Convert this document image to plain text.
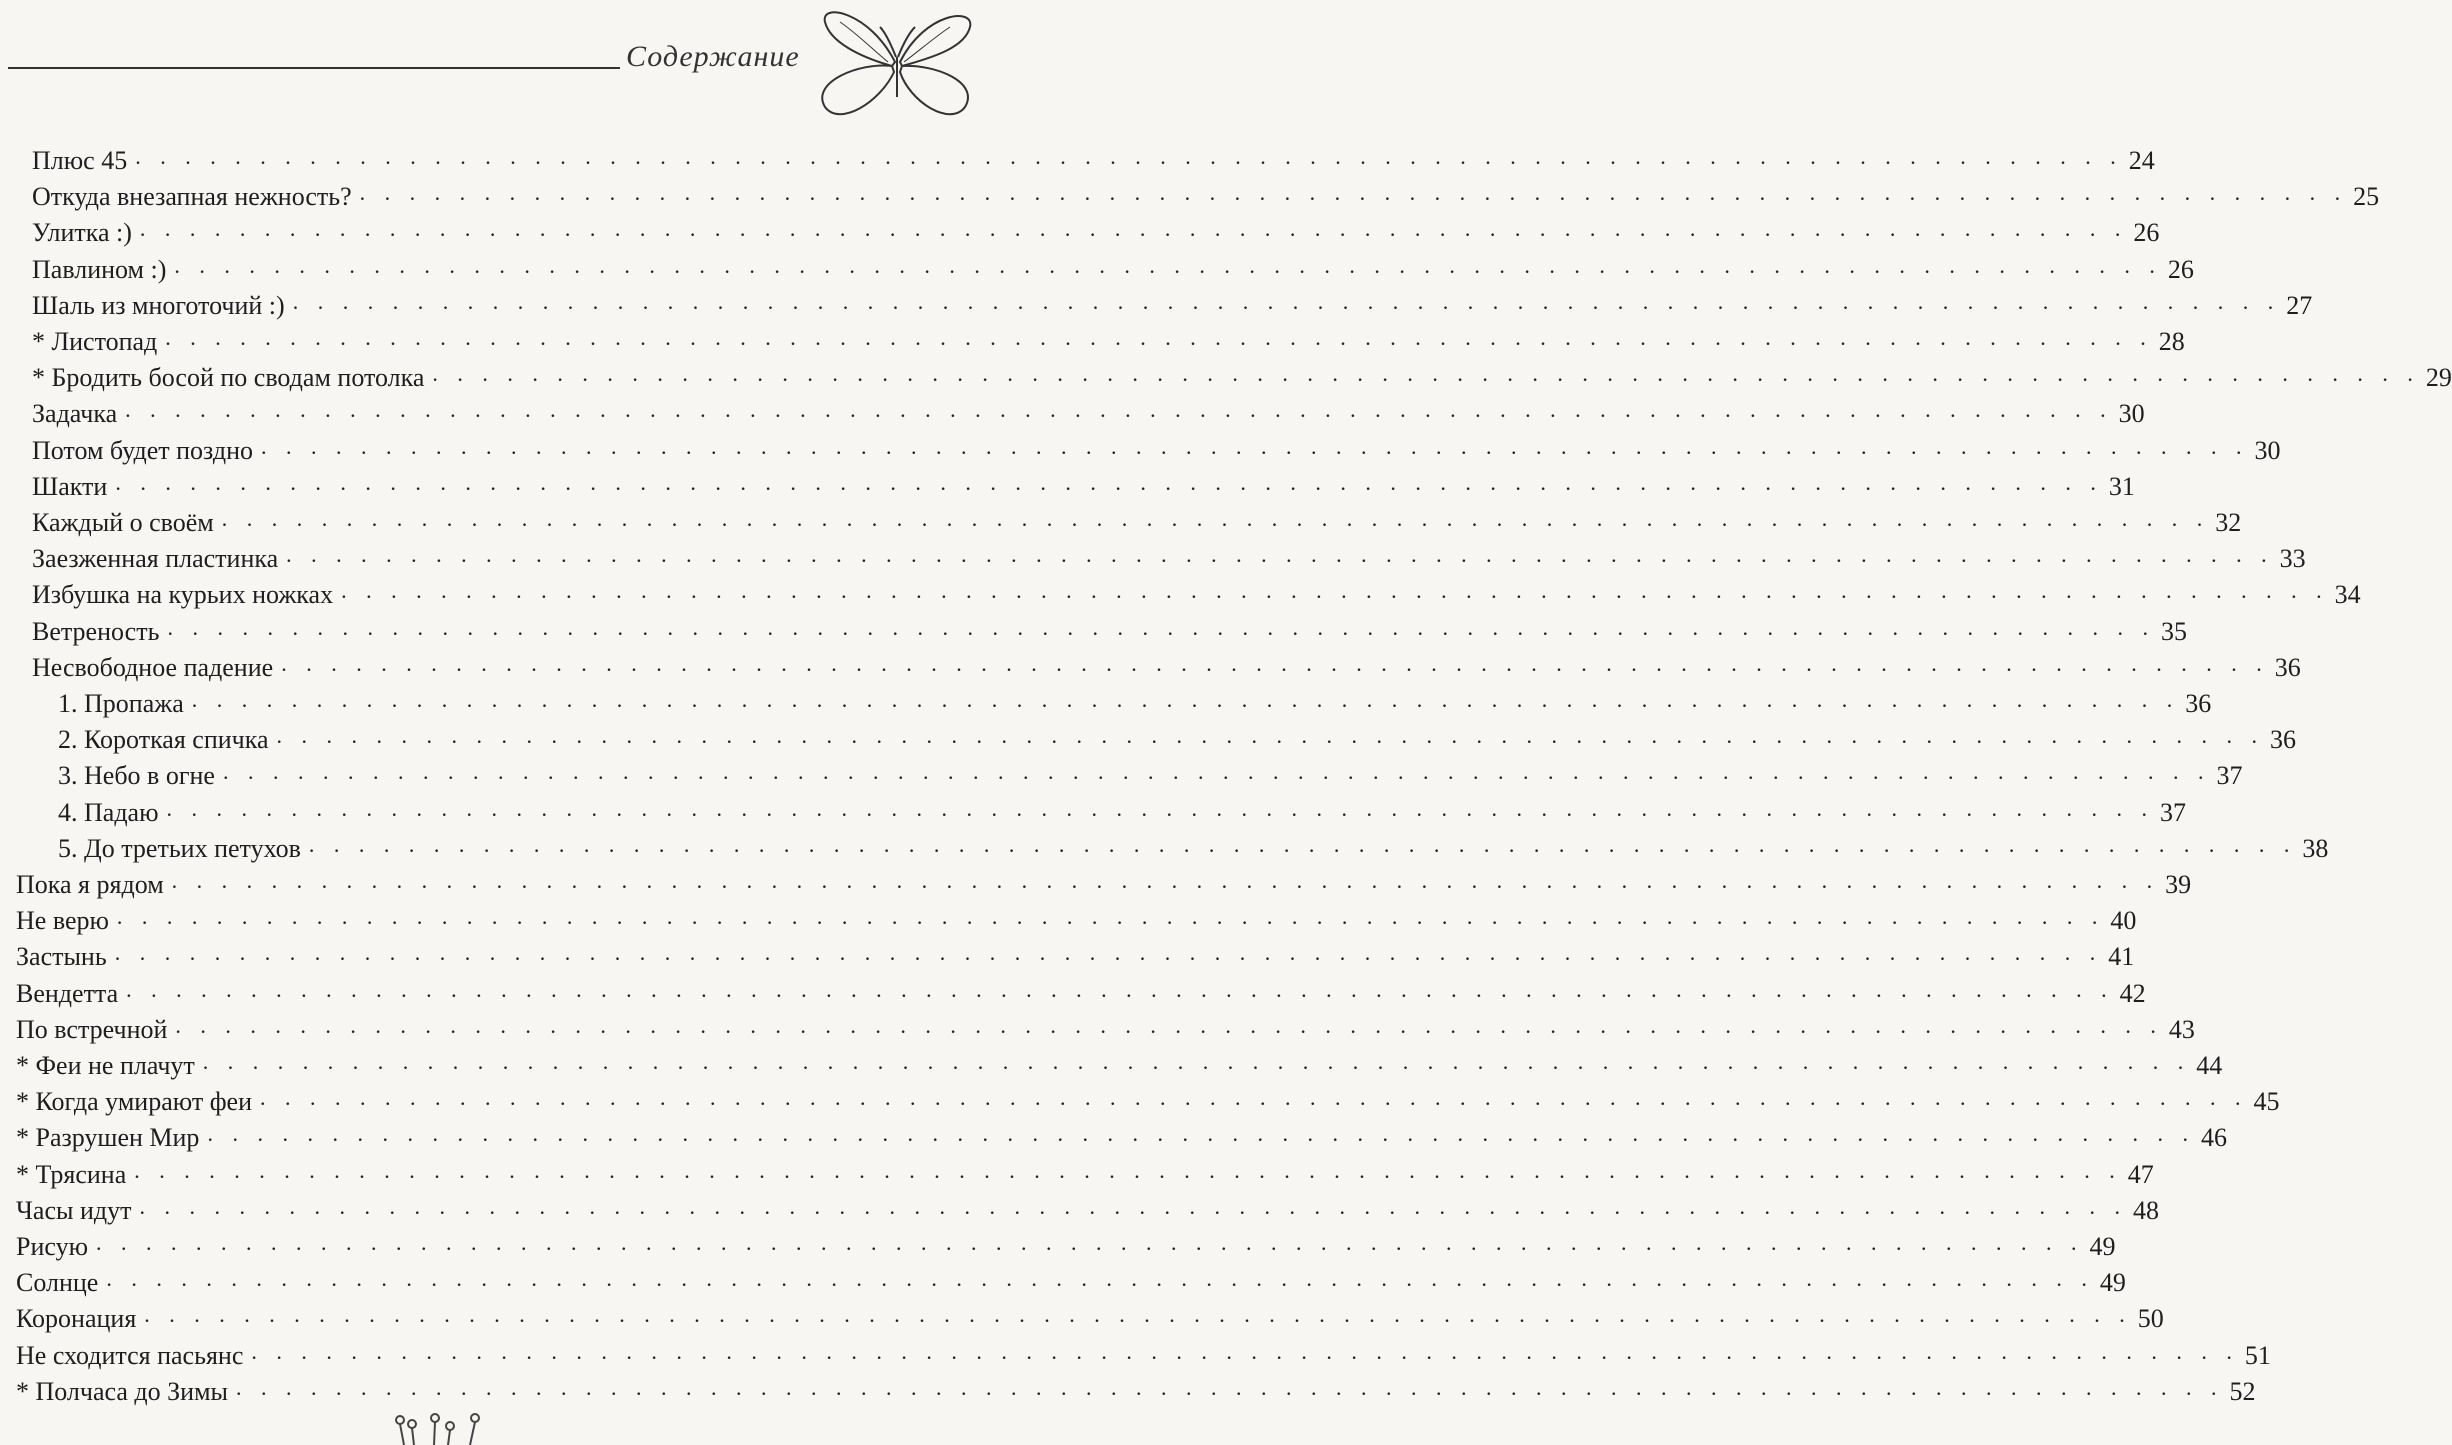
Содержание
Плюс 45 . . . . . . . . . . . . . . . . . . . . . . . . . . . . . . . . . . . . . . . . . . . . . . . . . . . . . . . . . . . . . . . . . . . . . . . . . . . . . . . . 24
Откуда внезапная нежность? . . . . . . . . . . . . . . . . . . . . . . . . . . . . . . . . . . . . . . . . . . . . . . . . . . . . . . . . . . . . . . . . . . . . . . . . . . . . . . . . 25
Улитка :) . . . . . . . . . . . . . . . . . . . . . . . . . . . . . . . . . . . . . . . . . . . . . . . . . . . . . . . . . . . . . . . . . . . . . . . . . . . . . . . . 26
Павлином :) . . . . . . . . . . . . . . . . . . . . . . . . . . . . . . . . . . . . . . . . . . . . . . . . . . . . . . . . . . . . . . . . . . . . . . . . . . . . . . . . 26
Шаль из многоточий :) . . . . . . . . . . . . . . . . . . . . . . . . . . . . . . . . . . . . . . . . . . . . . . . . . . . . . . . . . . . . . . . . . . . . . . . . . . . . . . . . 27
* Листопад . . . . . . . . . . . . . . . . . . . . . . . . . . . . . . . . . . . . . . . . . . . . . . . . . . . . . . . . . . . . . . . . . . . . . . . . . . . . . . . . 28
* Бродить босой по сводам потолка . . . . . . . . . . . . . . . . . . . . . . . . . . . . . . . . . . . . . . . . . . . . . . . . . . . . . . . . . . . . . . . . . . . . . . . . . . . . . . . . 29
Задачка . . . . . . . . . . . . . . . . . . . . . . . . . . . . . . . . . . . . . . . . . . . . . . . . . . . . . . . . . . . . . . . . . . . . . . . . . . . . . . . . 30
Потом будет поздно . . . . . . . . . . . . . . . . . . . . . . . . . . . . . . . . . . . . . . . . . . . . . . . . . . . . . . . . . . . . . . . . . . . . . . . . . . . . . . . . 30
Шакти . . . . . . . . . . . . . . . . . . . . . . . . . . . . . . . . . . . . . . . . . . . . . . . . . . . . . . . . . . . . . . . . . . . . . . . . . . . . . . . . 31
Каждый о своём . . . . . . . . . . . . . . . . . . . . . . . . . . . . . . . . . . . . . . . . . . . . . . . . . . . . . . . . . . . . . . . . . . . . . . . . . . . . . . . . 32
Заезженная пластинка . . . . . . . . . . . . . . . . . . . . . . . . . . . . . . . . . . . . . . . . . . . . . . . . . . . . . . . . . . . . . . . . . . . . . . . . . . . . . . . . 33
Избушка на курьих ножках . . . . . . . . . . . . . . . . . . . . . . . . . . . . . . . . . . . . . . . . . . . . . . . . . . . . . . . . . . . . . . . . . . . . . . . . . . . . . . . . 34
Ветреность . . . . . . . . . . . . . . . . . . . . . . . . . . . . . . . . . . . . . . . . . . . . . . . . . . . . . . . . . . . . . . . . . . . . . . . . . . . . . . . . 35
Несвободное падение . . . . . . . . . . . . . . . . . . . . . . . . . . . . . . . . . . . . . . . . . . . . . . . . . . . . . . . . . . . . . . . . . . . . . . . . . . . . . . . . 36
1. Пропажа . . . . . . . . . . . . . . . . . . . . . . . . . . . . . . . . . . . . . . . . . . . . . . . . . . . . . . . . . . . . . . . . . . . . . . . . . . . . . . . . 36
2. Короткая спичка . . . . . . . . . . . . . . . . . . . . . . . . . . . . . . . . . . . . . . . . . . . . . . . . . . . . . . . . . . . . . . . . . . . . . . . . . . . . . . . . 36
3. Небо в огне . . . . . . . . . . . . . . . . . . . . . . . . . . . . . . . . . . . . . . . . . . . . . . . . . . . . . . . . . . . . . . . . . . . . . . . . . . . . . . . . 37
4. Падаю . . . . . . . . . . . . . . . . . . . . . . . . . . . . . . . . . . . . . . . . . . . . . . . . . . . . . . . . . . . . . . . . . . . . . . . . . . . . . . . . 37
5. До третьих петухов . . . . . . . . . . . . . . . . . . . . . . . . . . . . . . . . . . . . . . . . . . . . . . . . . . . . . . . . . . . . . . . . . . . . . . . . . . . . . . . . 38
Пока я рядом . . . . . . . . . . . . . . . . . . . . . . . . . . . . . . . . . . . . . . . . . . . . . . . . . . . . . . . . . . . . . . . . . . . . . . . . . . . . . . . . 39
Не верю . . . . . . . . . . . . . . . . . . . . . . . . . . . . . . . . . . . . . . . . . . . . . . . . . . . . . . . . . . . . . . . . . . . . . . . . . . . . . . . . 40
Застынь . . . . . . . . . . . . . . . . . . . . . . . . . . . . . . . . . . . . . . . . . . . . . . . . . . . . . . . . . . . . . . . . . . . . . . . . . . . . . . . . 41
Вендетта . . . . . . . . . . . . . . . . . . . . . . . . . . . . . . . . . . . . . . . . . . . . . . . . . . . . . . . . . . . . . . . . . . . . . . . . . . . . . . . . 42
По встречной . . . . . . . . . . . . . . . . . . . . . . . . . . . . . . . . . . . . . . . . . . . . . . . . . . . . . . . . . . . . . . . . . . . . . . . . . . . . . . . . 43
* Феи не плачут . . . . . . . . . . . . . . . . . . . . . . . . . . . . . . . . . . . . . . . . . . . . . . . . . . . . . . . . . . . . . . . . . . . . . . . . . . . . . . . . 44
* Когда умирают феи . . . . . . . . . . . . . . . . . . . . . . . . . . . . . . . . . . . . . . . . . . . . . . . . . . . . . . . . . . . . . . . . . . . . . . . . . . . . . . . . 45
* Разрушен Мир . . . . . . . . . . . . . . . . . . . . . . . . . . . . . . . . . . . . . . . . . . . . . . . . . . . . . . . . . . . . . . . . . . . . . . . . . . . . . . . . 46
* Трясина . . . . . . . . . . . . . . . . . . . . . . . . . . . . . . . . . . . . . . . . . . . . . . . . . . . . . . . . . . . . . . . . . . . . . . . . . . . . . . . . 47
Часы идут . . . . . . . . . . . . . . . . . . . . . . . . . . . . . . . . . . . . . . . . . . . . . . . . . . . . . . . . . . . . . . . . . . . . . . . . . . . . . . . . 48
Рисую . . . . . . . . . . . . . . . . . . . . . . . . . . . . . . . . . . . . . . . . . . . . . . . . . . . . . . . . . . . . . . . . . . . . . . . . . . . . . . . . 49
Солнце . . . . . . . . . . . . . . . . . . . . . . . . . . . . . . . . . . . . . . . . . . . . . . . . . . . . . . . . . . . . . . . . . . . . . . . . . . . . . . . . 49
Коронация . . . . . . . . . . . . . . . . . . . . . . . . . . . . . . . . . . . . . . . . . . . . . . . . . . . . . . . . . . . . . . . . . . . . . . . . . . . . . . . . 50
Не сходится пасьянс . . . . . . . . . . . . . . . . . . . . . . . . . . . . . . . . . . . . . . . . . . . . . . . . . . . . . . . . . . . . . . . . . . . . . . . . . . . . . . . . 51
* Полчаса до Зимы . . . . . . . . . . . . . . . . . . . . . . . . . . . . . . . . . . . . . . . . . . . . . . . . . . . . . . . . . . . . . . . . . . . . . . . . . . . . . . . . 52
